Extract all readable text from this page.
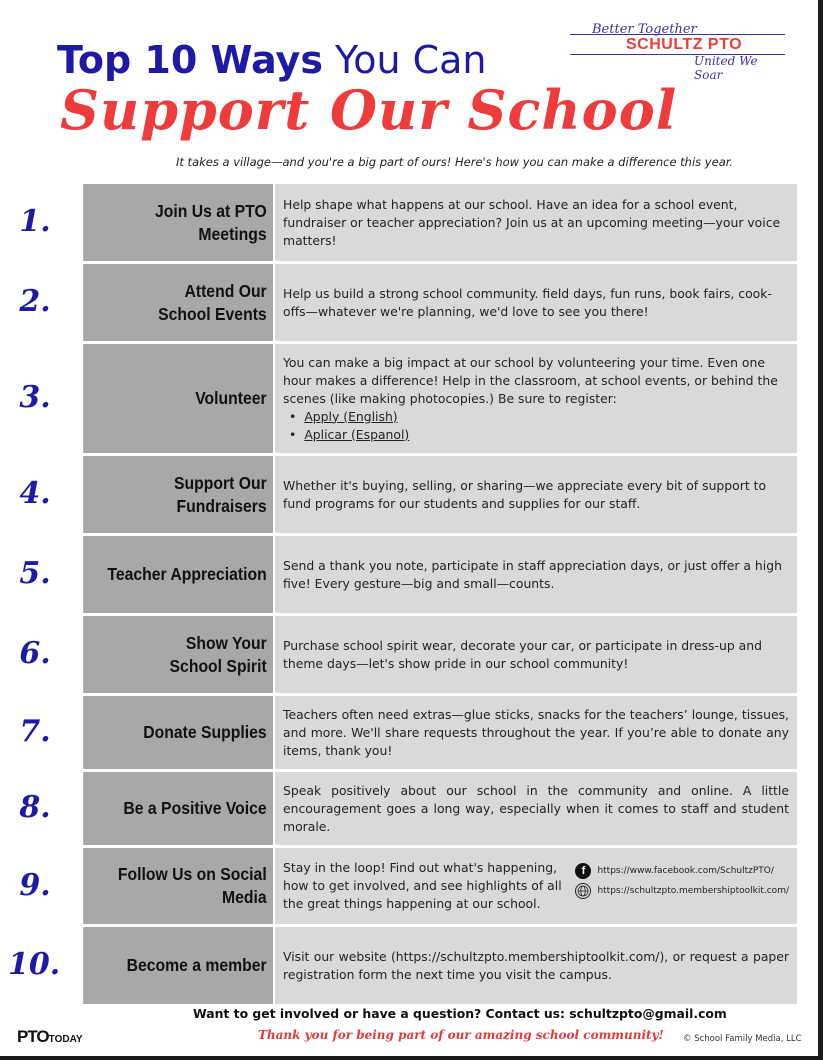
Top 10 Ways You Can
Support Our School
Better Together
SCHULTZ PTO
United We Soar
It takes a village—and you're a big part of ours! Here's how you can make a difference this year.
1.	Join Us at PTO Meetings
Help shape what happens at our school. Have an idea for a school event, fundraiser or teacher appreciation? Join us at an upcoming meeting—your voice matters!
2.	Attend Our School Events
Help us build a strong school community. field days, fun runs, book fairs, cook-offs—whatever we're planning, we'd love to see you there!
3.	Volunteer
You can make a big impact at our school by volunteering your time. Even one hour makes a difference! Help in the classroom, at school events, or behind the scenes (like making photocopies.) Be sure to register:
• Apply (English)
• Aplicar (Espanol)
4.	Support Our Fundraisers
Whether it's buying, selling, or sharing—we appreciate every bit of support to fund programs for our students and supplies for our staff.
5.	Teacher Appreciation	Send a thank you note, participate in staff appreciation days, or just offer a high five! Every gesture—big and small—counts.
6.	Show Your School Spirit
Purchase school spirit wear, decorate your car, or participate in dress-up and theme days—let's show pride in our school community!
7.	Donate Supplies
Teachers often need extras—glue sticks, snacks for the teachers’ lounge, tissues, and more. We'll share requests throughout the year. If you’re able to donate any items, thank you!
8.	Be a Positive Voice
Speak positively about our school in the community and online. A little encouragement goes a long way, especially when it comes to staff and student morale.
9.	Follow Us on Social Media
Stay in the loop! Find out what's happening, how to get involved, and see highlights of all the great things happening at our school.
f	https://www.facebook.com/SchultzPTO/
https://schultzpto.membershiptoolkit.com/
10.	Become a member	Visit our website (https://schultzpto.membershiptoolkit.com/), or request a paper registration form the next time you visit the campus.
Want to get involved or have a question? Contact us: schultzpto@gmail.com
Thank you for being part of our amazing school community!
PTOTODAY	© School Family Media, LLC
